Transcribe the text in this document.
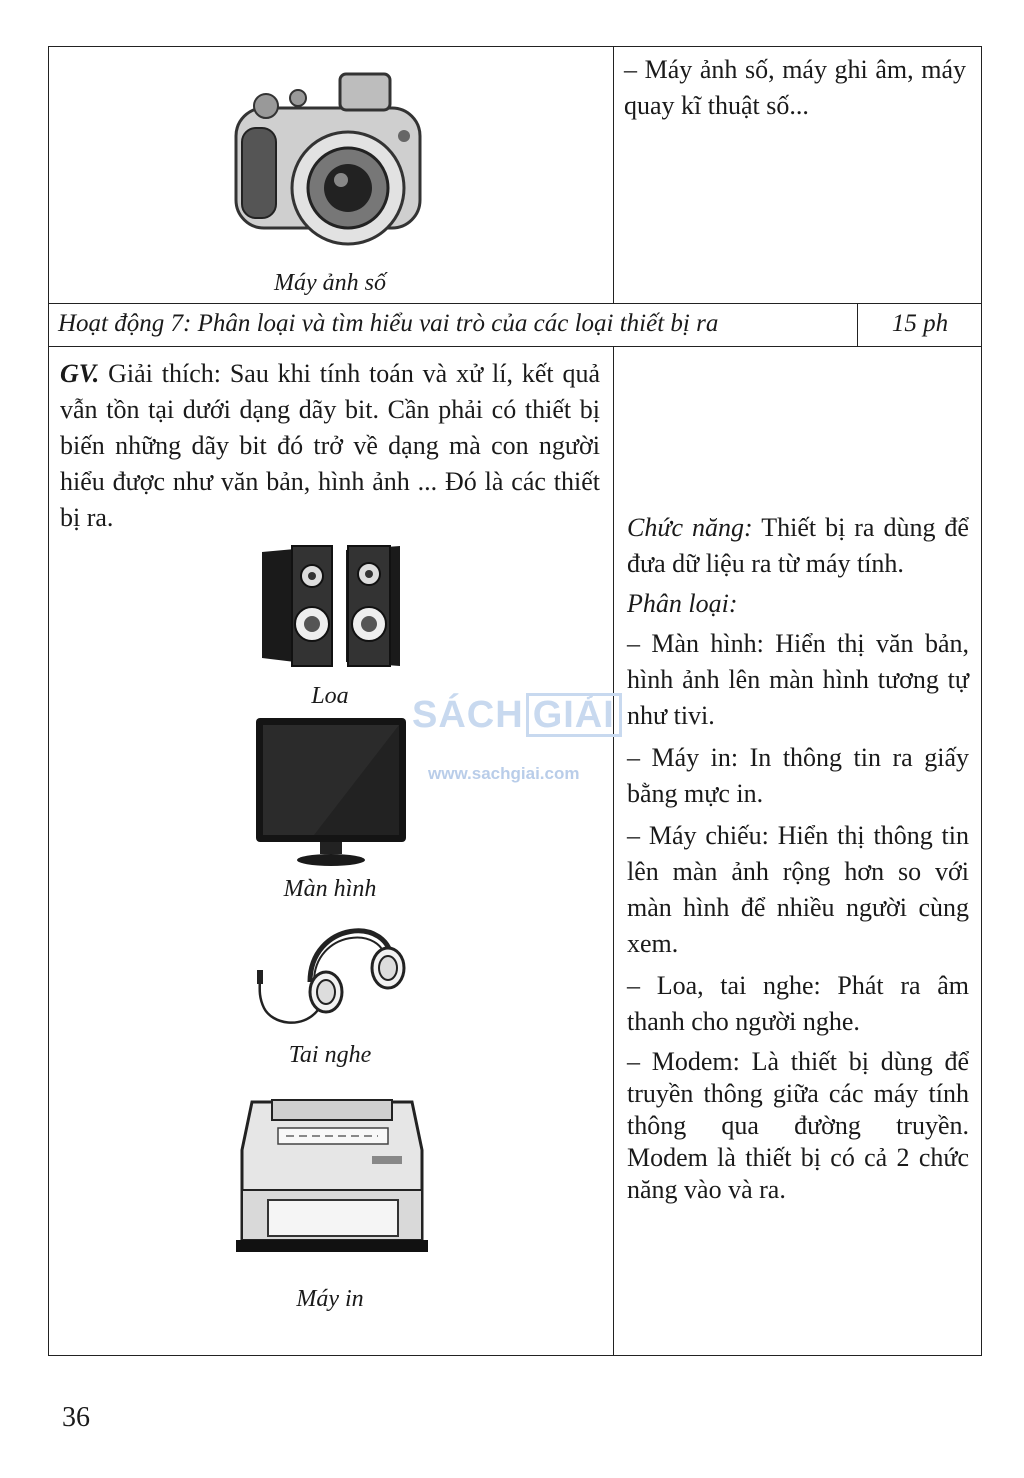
Máy ảnh số
– Máy ảnh số, máy ghi âm, máy quay kĩ thuật số...
Hoạt động 7: Phân loại và tìm hiểu vai trò của các loại thiết bị ra	15 ph
GV. Giải thích: Sau khi tính toán và xử lí, kết quả vẫn tồn tại dưới dạng dãy bit. Cần phải có thiết bị biến những dãy bit đó trở về dạng mà con người hiểu được như văn bản, hình ảnh ... Đó là các thiết bị ra.
Loa
Màn hình
Tai nghe
Máy in
Chức năng: Thiết bị ra dùng để đưa dữ liệu ra từ máy tính.
Phân loại:

– Màn hình: Hiển thị văn bản, hình ảnh lên màn hình tương tự như tivi.

– Máy in: In thông tin ra giấy bằng mực in.

– Máy chiếu: Hiển thị thông tin lên màn ảnh rộng hơn so với màn hình để nhiều người cùng xem.

– Loa, tai nghe: Phát ra âm thanh cho người nghe.

– Modem: Là thiết bị dùng để truyền thông giữa các máy tính thông qua đường truyền. Modem là thiết bị có cả 2 chức năng vào và ra.

SÁCH GIẢI
www.sachgiai.com
36
